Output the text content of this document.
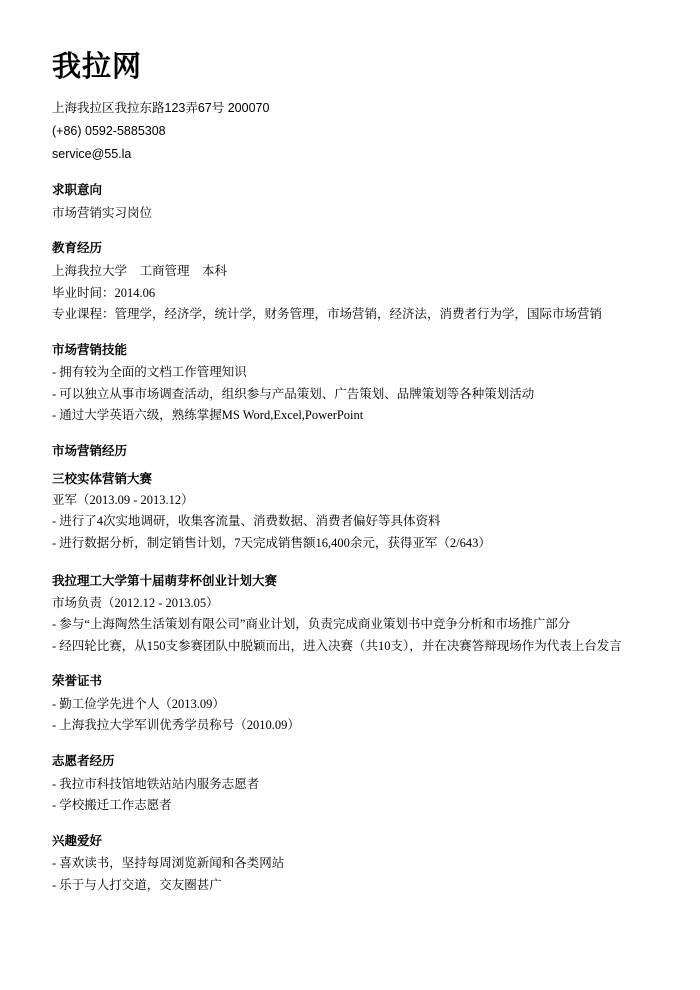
我拉网
上海我拉区我拉东路123弄67号 200070
(+86) 0592-5885308
service@55.la
求职意向
市场营销实习岗位
教育经历
上海我拉大学    工商管理    本科
毕业时间：2014.06
专业课程：管理学，经济学，统计学，财务管理，市场营销，经济法，消费者行为学，国际市场营销
市场营销技能
- 拥有较为全面的文档工作管理知识
- 可以独立从事市场调查活动，组织参与产品策划、广告策划、品牌策划等各种策划活动
- 通过大学英语六级，熟练掌握MS Word,Excel,PowerPoint
市场营销经历
三校实体营销大赛
亚军（2013.09 - 2013.12）
- 进行了4次实地调研，收集客流量、消费数据、消费者偏好等具体资料
- 进行数据分析，制定销售计划，7天完成销售额16,400余元，获得亚军（2/643）
我拉理工大学第十届萌芽杯创业计划大赛
市场负责（2012.12 - 2013.05）
- 参与“上海陶然生活策划有限公司”商业计划，负责完成商业策划书中竞争分析和市场推广部分
- 经四轮比赛，从150支参赛团队中脱颖而出，进入决赛（共10支），并在决赛答辩现场作为代表上台发言
荣誉证书
- 勤工俭学先进个人（2013.09）
- 上海我拉大学军训优秀学员称号（2010.09）
志愿者经历
- 我拉市科技馆地铁站站内服务志愿者
- 学校搬迁工作志愿者
兴趣爱好
- 喜欢读书，坚持每周浏览新闻和各类网站
- 乐于与人打交道，交友圈甚广
